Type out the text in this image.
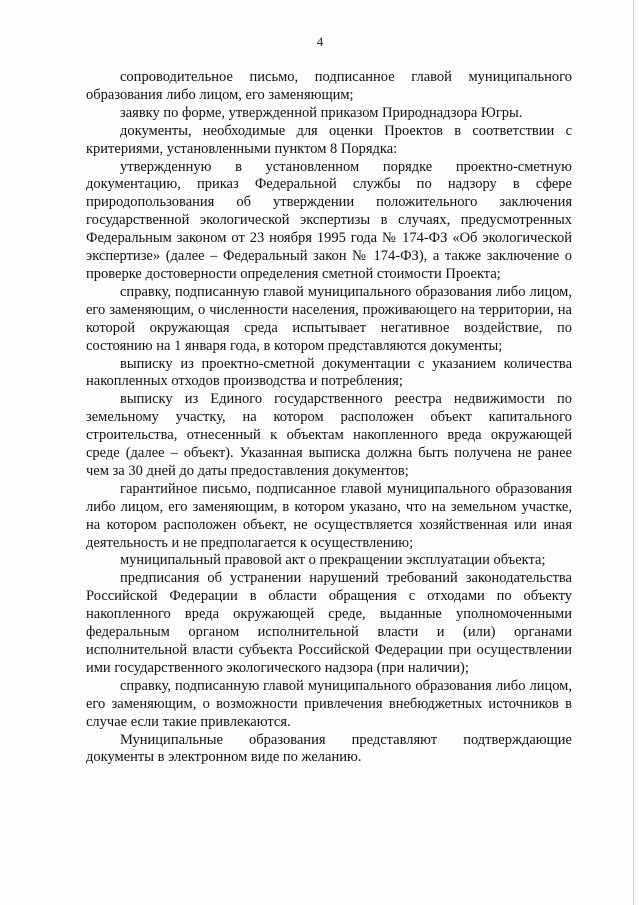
4

сопроводительное письмо, подписанное главой муниципального образования либо лицом, его заменяющим;

заявку по форме, утвержденной приказом Природнадзора Югры.

документы, необходимые для оценки Проектов в соответствии с критериями, установленными пунктом 8 Порядка:

утвержденную в установленном порядке проектно-сметную документацию, приказ Федеральной службы по надзору в сфере природопользования об утверждении положительного заключения государственной экологической экспертизы в случаях, предусмотренных Федеральным законом от 23 ноября 1995 года № 174-ФЗ «Об экологической экспертизе» (далее – Федеральный закон № 174-ФЗ), а также заключение о проверке достоверности определения сметной стоимости Проекта;

справку, подписанную главой муниципального образования либо лицом, его заменяющим, о численности населения, проживающего на территории, на которой окружающая среда испытывает негативное воздействие, по состоянию на 1 января года, в котором представляются документы;

выписку из проектно-сметной документации с указанием количества накопленных отходов производства и потребления;

выписку из Единого государственного реестра недвижимости по земельному участку, на котором расположен объект капитального строительства, отнесенный к объектам накопленного вреда окружающей среде (далее – объект). Указанная выписка должна быть получена не ранее чем за 30 дней до даты предоставления документов;

гарантийное письмо, подписанное главой муниципального образования либо лицом, его заменяющим, в котором указано, что на земельном участке, на котором расположен объект, не осуществляется хозяйственная или иная деятельность и не предполагается к осуществлению;

муниципальный правовой акт о прекращении эксплуатации объекта;

предписания об устранении нарушений требований законодательства Российской Федерации в области обращения с отходами по объекту накопленного вреда окружающей среде, выданные уполномоченными федеральным органом исполнительной власти и (или) органами исполнительной власти субъекта Российской Федерации при осуществлении ими государственного экологического надзора (при наличии);

справку, подписанную главой муниципального образования либо лицом, его заменяющим, о возможности привлечения внебюджетных источников в случае если такие привлекаются.

Муниципальные образования представляют подтверждающие документы в электронном виде по желанию.
